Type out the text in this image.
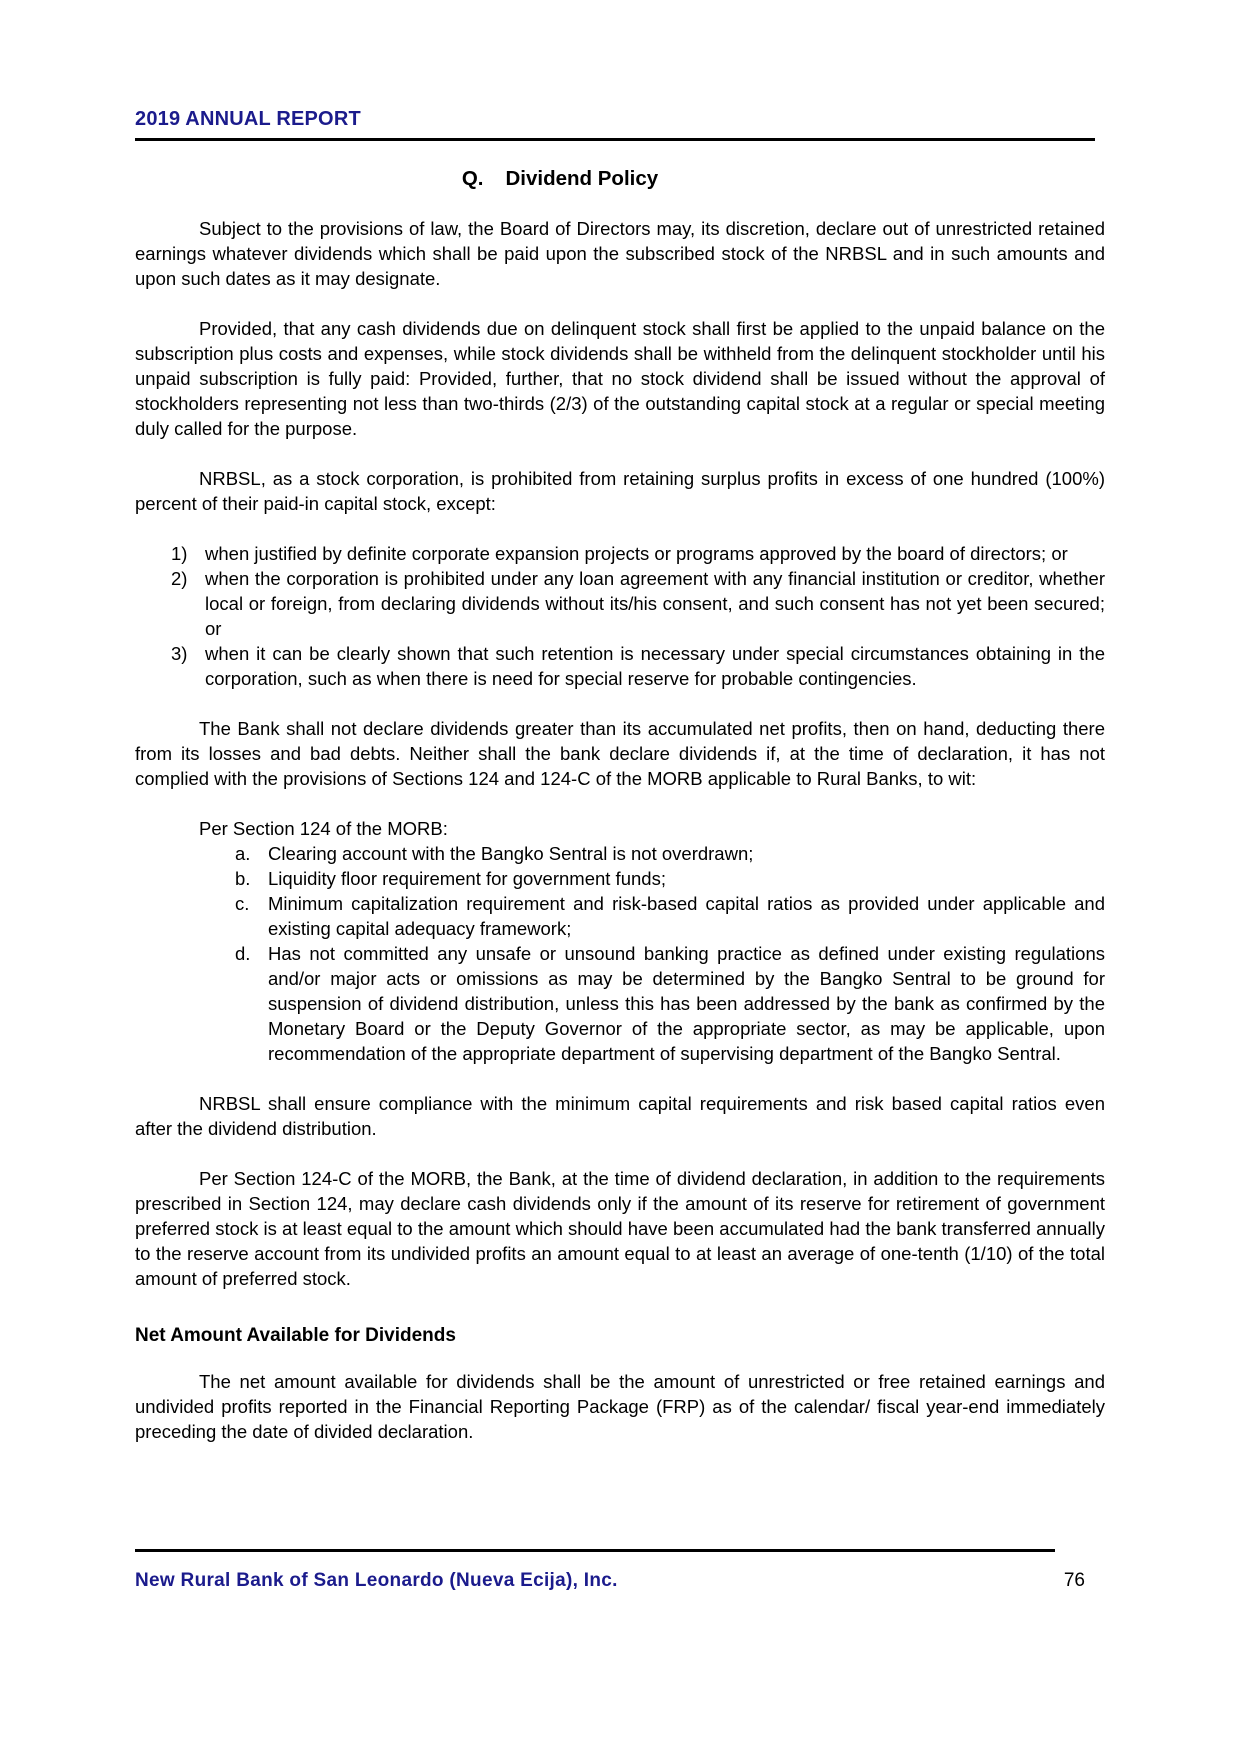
2019 ANNUAL REPORT
Q. Dividend Policy

Subject to the provisions of law, the Board of Directors may, its discretion, declare out of unrestricted retained earnings whatever dividends which shall be paid upon the subscribed stock of the NRBSL and in such amounts and upon such dates as it may designate.

Provided, that any cash dividends due on delinquent stock shall first be applied to the unpaid balance on the subscription plus costs and expenses, while stock dividends shall be withheld from the delinquent stockholder until his unpaid subscription is fully paid: Provided, further, that no stock dividend shall be issued without the approval of stockholders representing not less than two-thirds (2/3) of the outstanding capital stock at a regular or special meeting duly called for the purpose.

NRBSL, as a stock corporation, is prohibited from retaining surplus profits in excess of one hundred (100%) percent of their paid-in capital stock, except:

1) when justified by definite corporate expansion projects or programs approved by the board of directors; or
2) when the corporation is prohibited under any loan agreement with any financial institution or creditor, whether local or foreign, from declaring dividends without its/his consent, and such consent has not yet been secured; or
3) when it can be clearly shown that such retention is necessary under special circumstances obtaining in the corporation, such as when there is need for special reserve for probable contingencies.

The Bank shall not declare dividends greater than its accumulated net profits, then on hand, deducting there from its losses and bad debts. Neither shall the bank declare dividends if, at the time of declaration, it has not complied with the provisions of Sections 124 and 124-C of the MORB applicable to Rural Banks, to wit:

Per Section 124 of the MORB:
a. Clearing account with the Bangko Sentral is not overdrawn;
b. Liquidity floor requirement for government funds;
c. Minimum capitalization requirement and risk-based capital ratios as provided under applicable and existing capital adequacy framework;
d. Has not committed any unsafe or unsound banking practice as defined under existing regulations and/or major acts or omissions as may be determined by the Bangko Sentral to be ground for suspension of dividend distribution, unless this has been addressed by the bank as confirmed by the Monetary Board or the Deputy Governor of the appropriate sector, as may be applicable, upon recommendation of the appropriate department of supervising department of the Bangko Sentral.

NRBSL shall ensure compliance with the minimum capital requirements and risk based capital ratios even after the dividend distribution.

Per Section 124-C of the MORB, the Bank, at the time of dividend declaration, in addition to the requirements prescribed in Section 124, may declare cash dividends only if the amount of its reserve for retirement of government preferred stock is at least equal to the amount which should have been accumulated had the bank transferred annually to the reserve account from its undivided profits an amount equal to at least an average of one-tenth (1/10) of the total amount of preferred stock.

Net Amount Available for Dividends

The net amount available for dividends shall be the amount of unrestricted or free retained earnings and undivided profits reported in the Financial Reporting Package (FRP) as of the calendar/ fiscal year-end immediately preceding the date of divided declaration.

New Rural Bank of San Leonardo (Nueva Ecija), Inc.	76
